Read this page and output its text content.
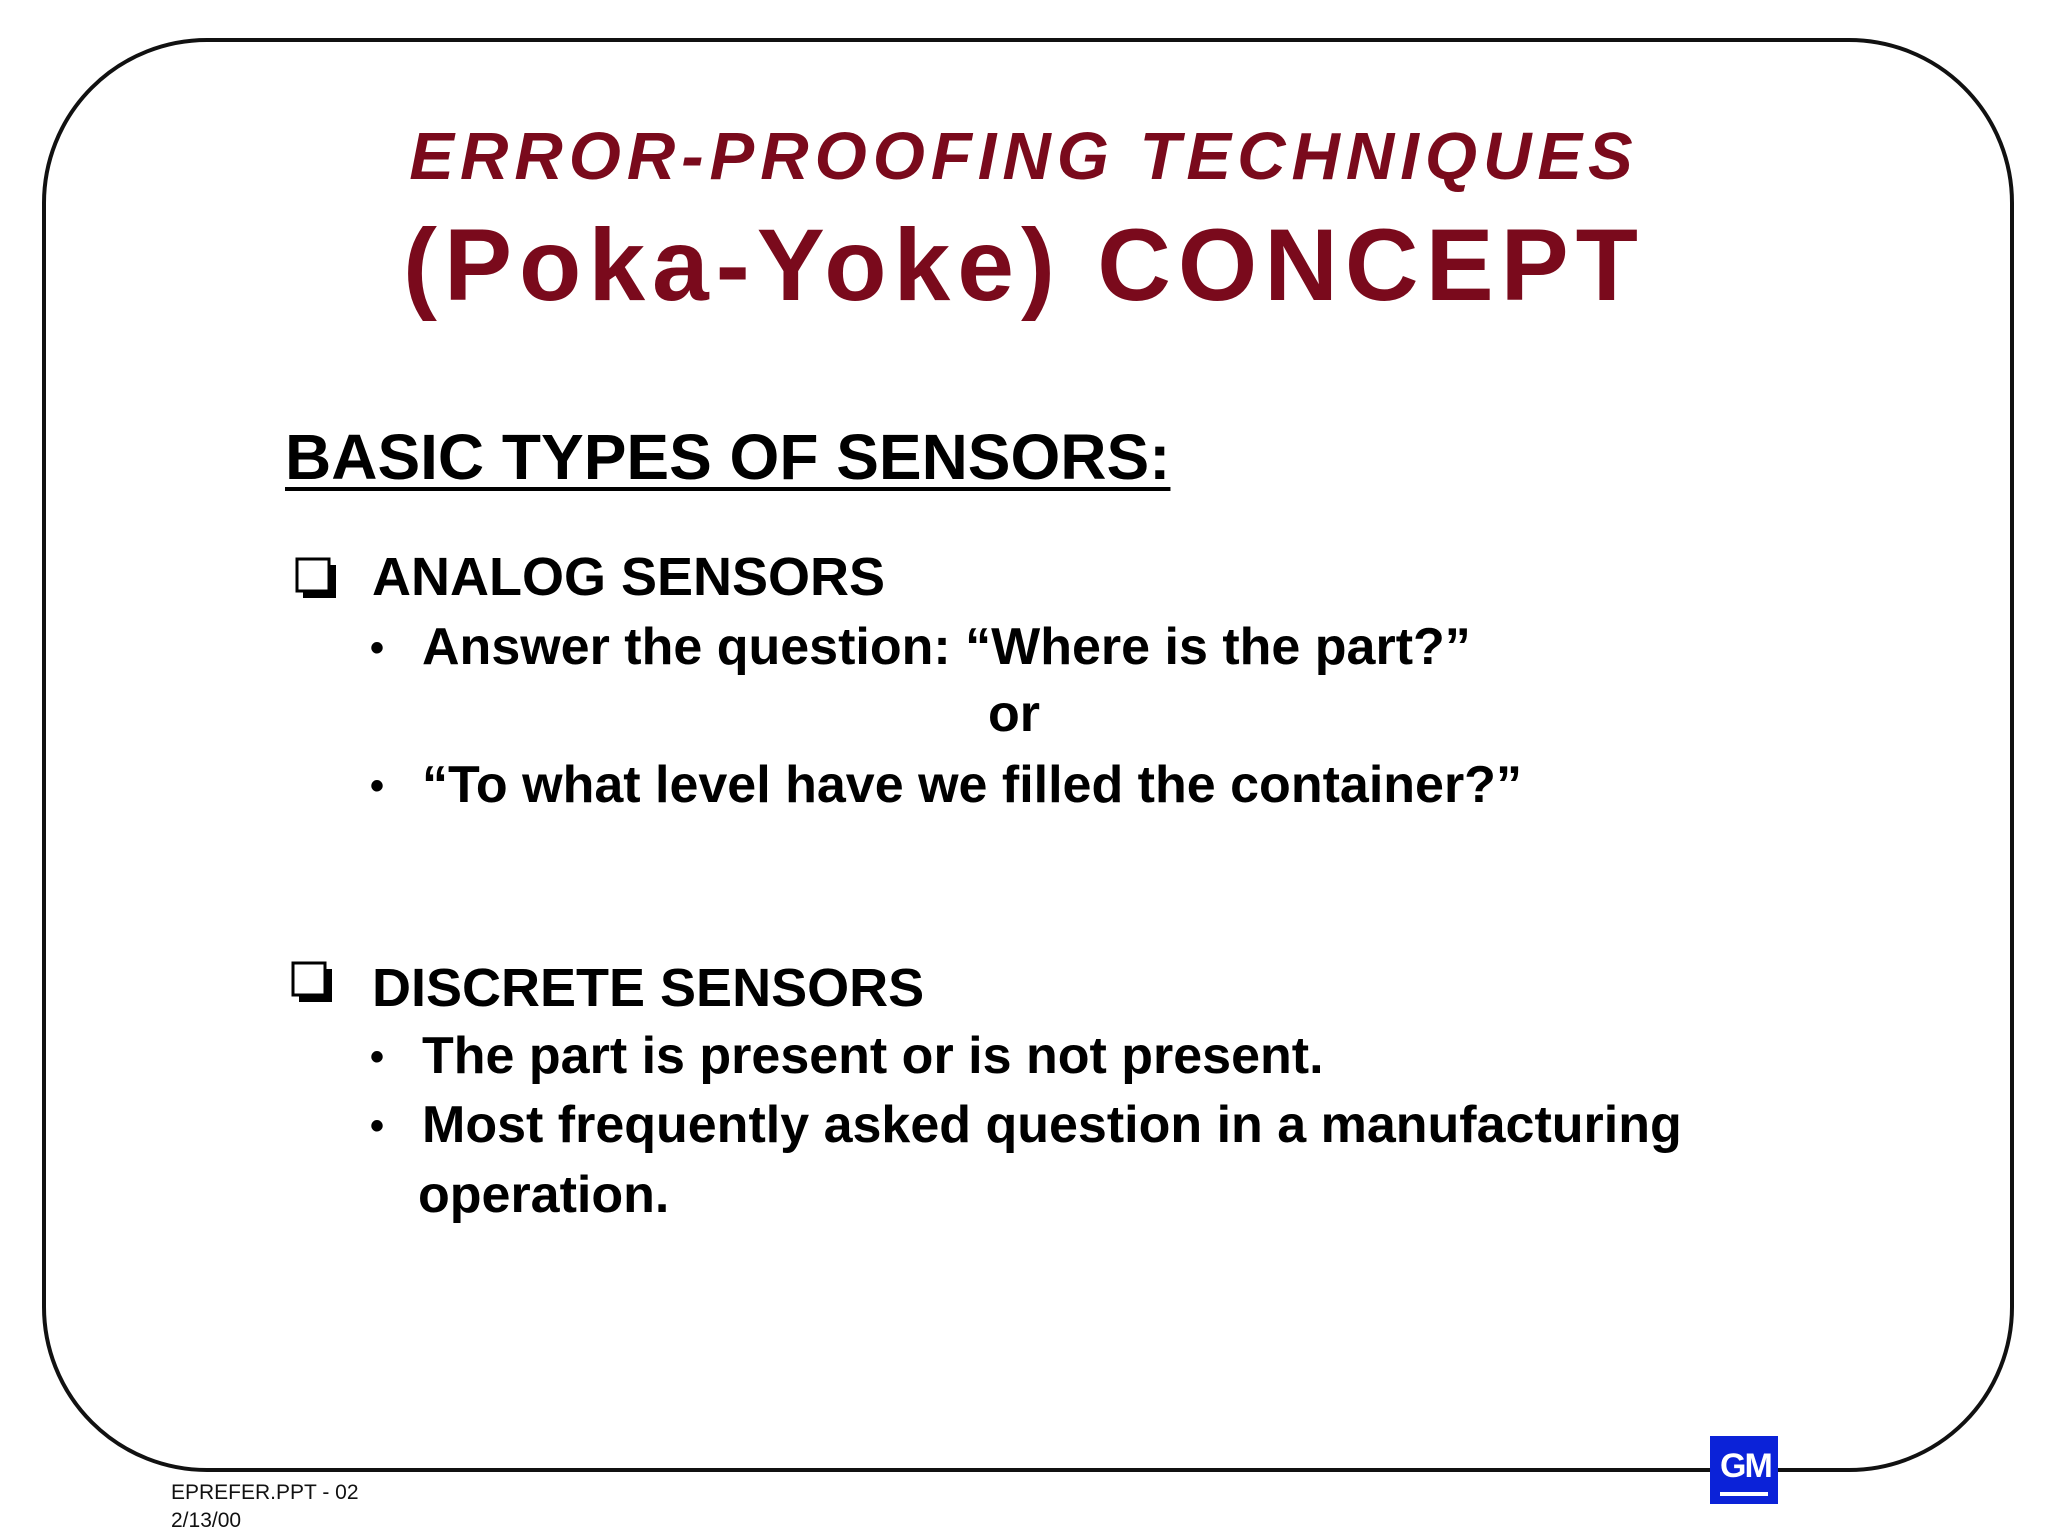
ERROR-PROOFING TECHNIQUES
(Poka-Yoke) CONCEPT
BASIC TYPES OF SENSORS:
ANALOG SENSORS
• Answer the question: “Where is the part?”
or
• “To what level have we filled the container?”
DISCRETE SENSORS
• The part is present or is not present.
• Most frequently asked question in a manufacturing
operation.
EPREFER.PPT - 02
2/13/00
GM
